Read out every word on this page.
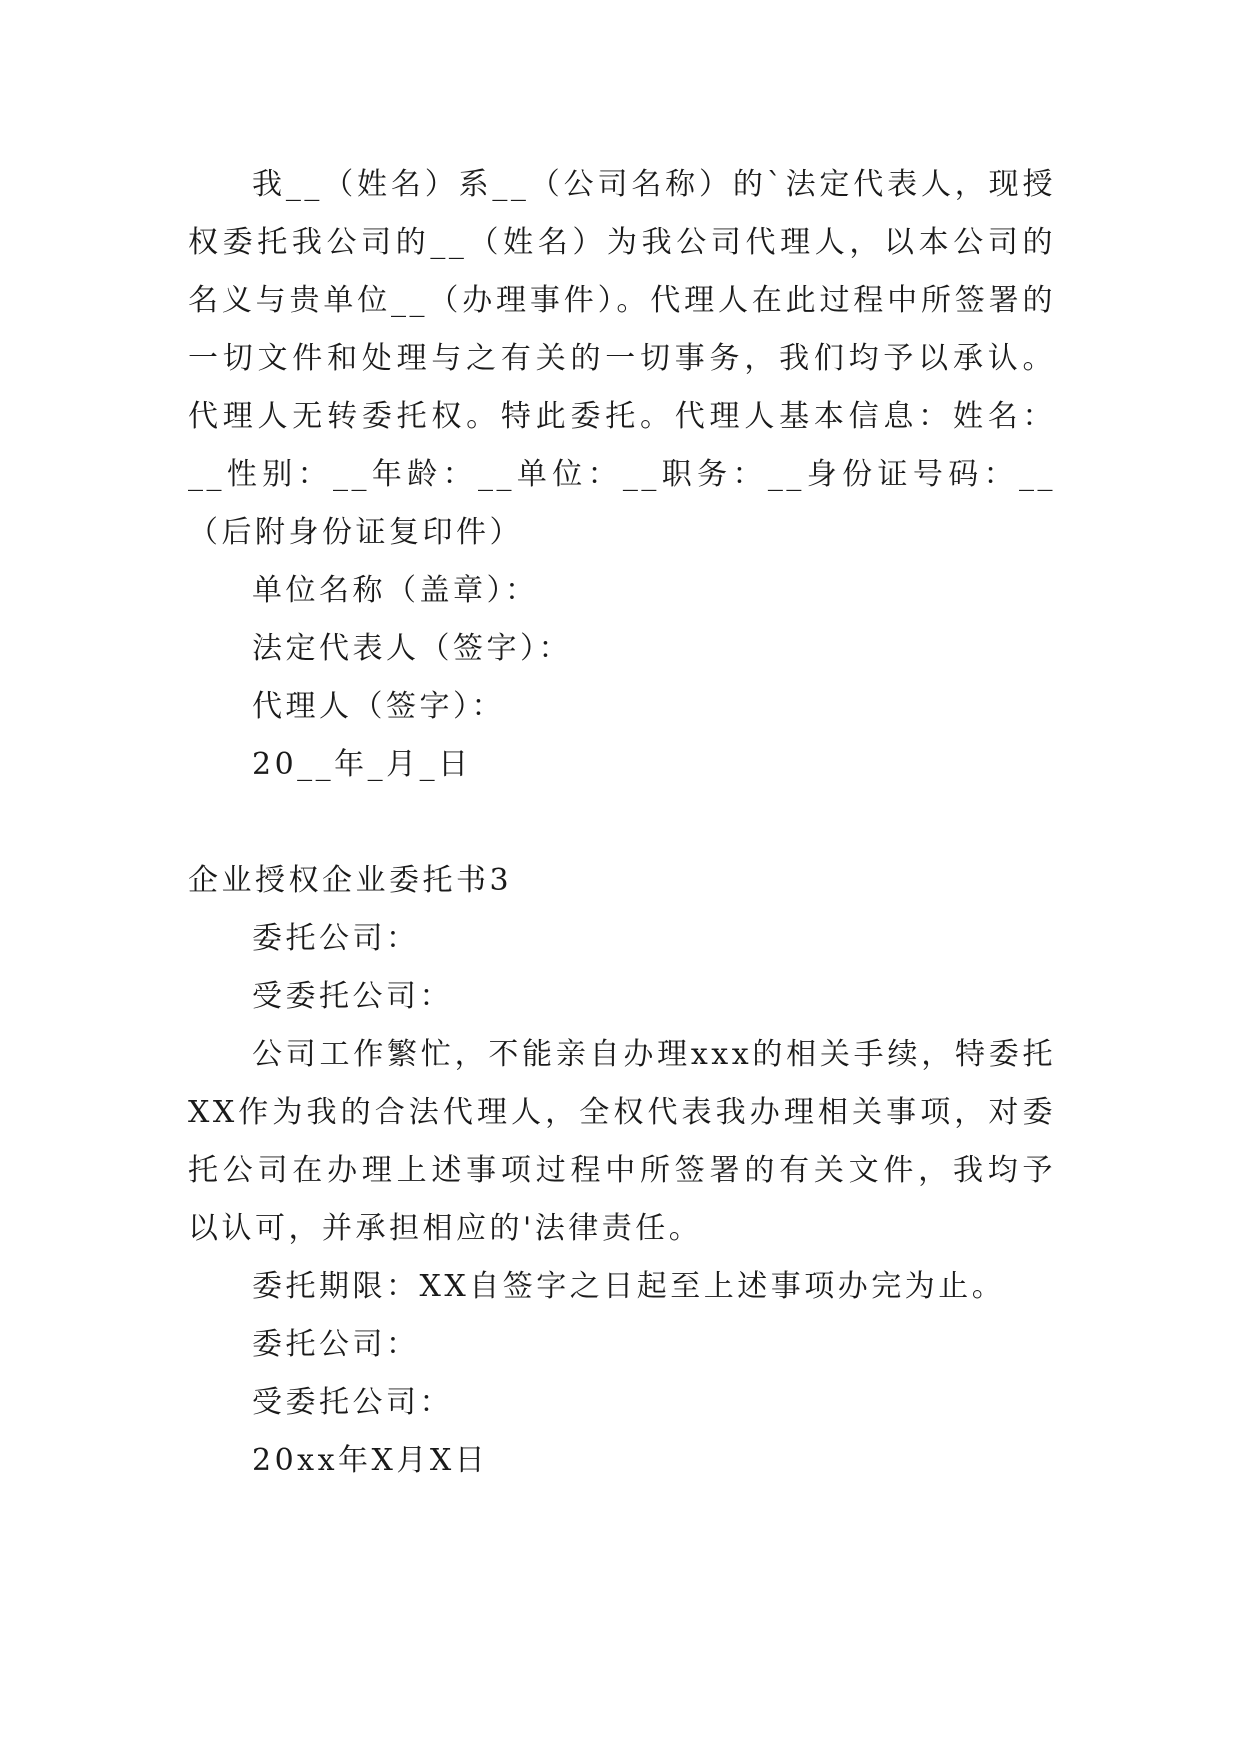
我__（姓名）系__（公司名称）的`法定代表人，现授权委托我公司的__（姓名）为我公司代理人，以本公司的名义与贵单位__（办理事件）。代理人在此过程中所签署的一切文件和处理与之有关的一切事务，我们均予以承认。代理人无转委托权。特此委托。代理人基本信息：姓名：__性别：__年龄：__单位：__职务：__身份证号码：__（后附身份证复印件）

单位名称（盖章）：

法定代表人（签字）：

代理人（签字）：

20__年_月_日

企业授权企业委托书3

委托公司：

受委托公司：

公司工作繁忙，不能亲自办理xxx的相关手续，特委托XX作为我的合法代理人，全权代表我办理相关事项，对委托公司在办理上述事项过程中所签署的有关文件，我均予以认可，并承担相应的'法律责任。

委托期限：XX自签字之日起至上述事项办完为止。

委托公司：

受委托公司：

20xx年X月X日
